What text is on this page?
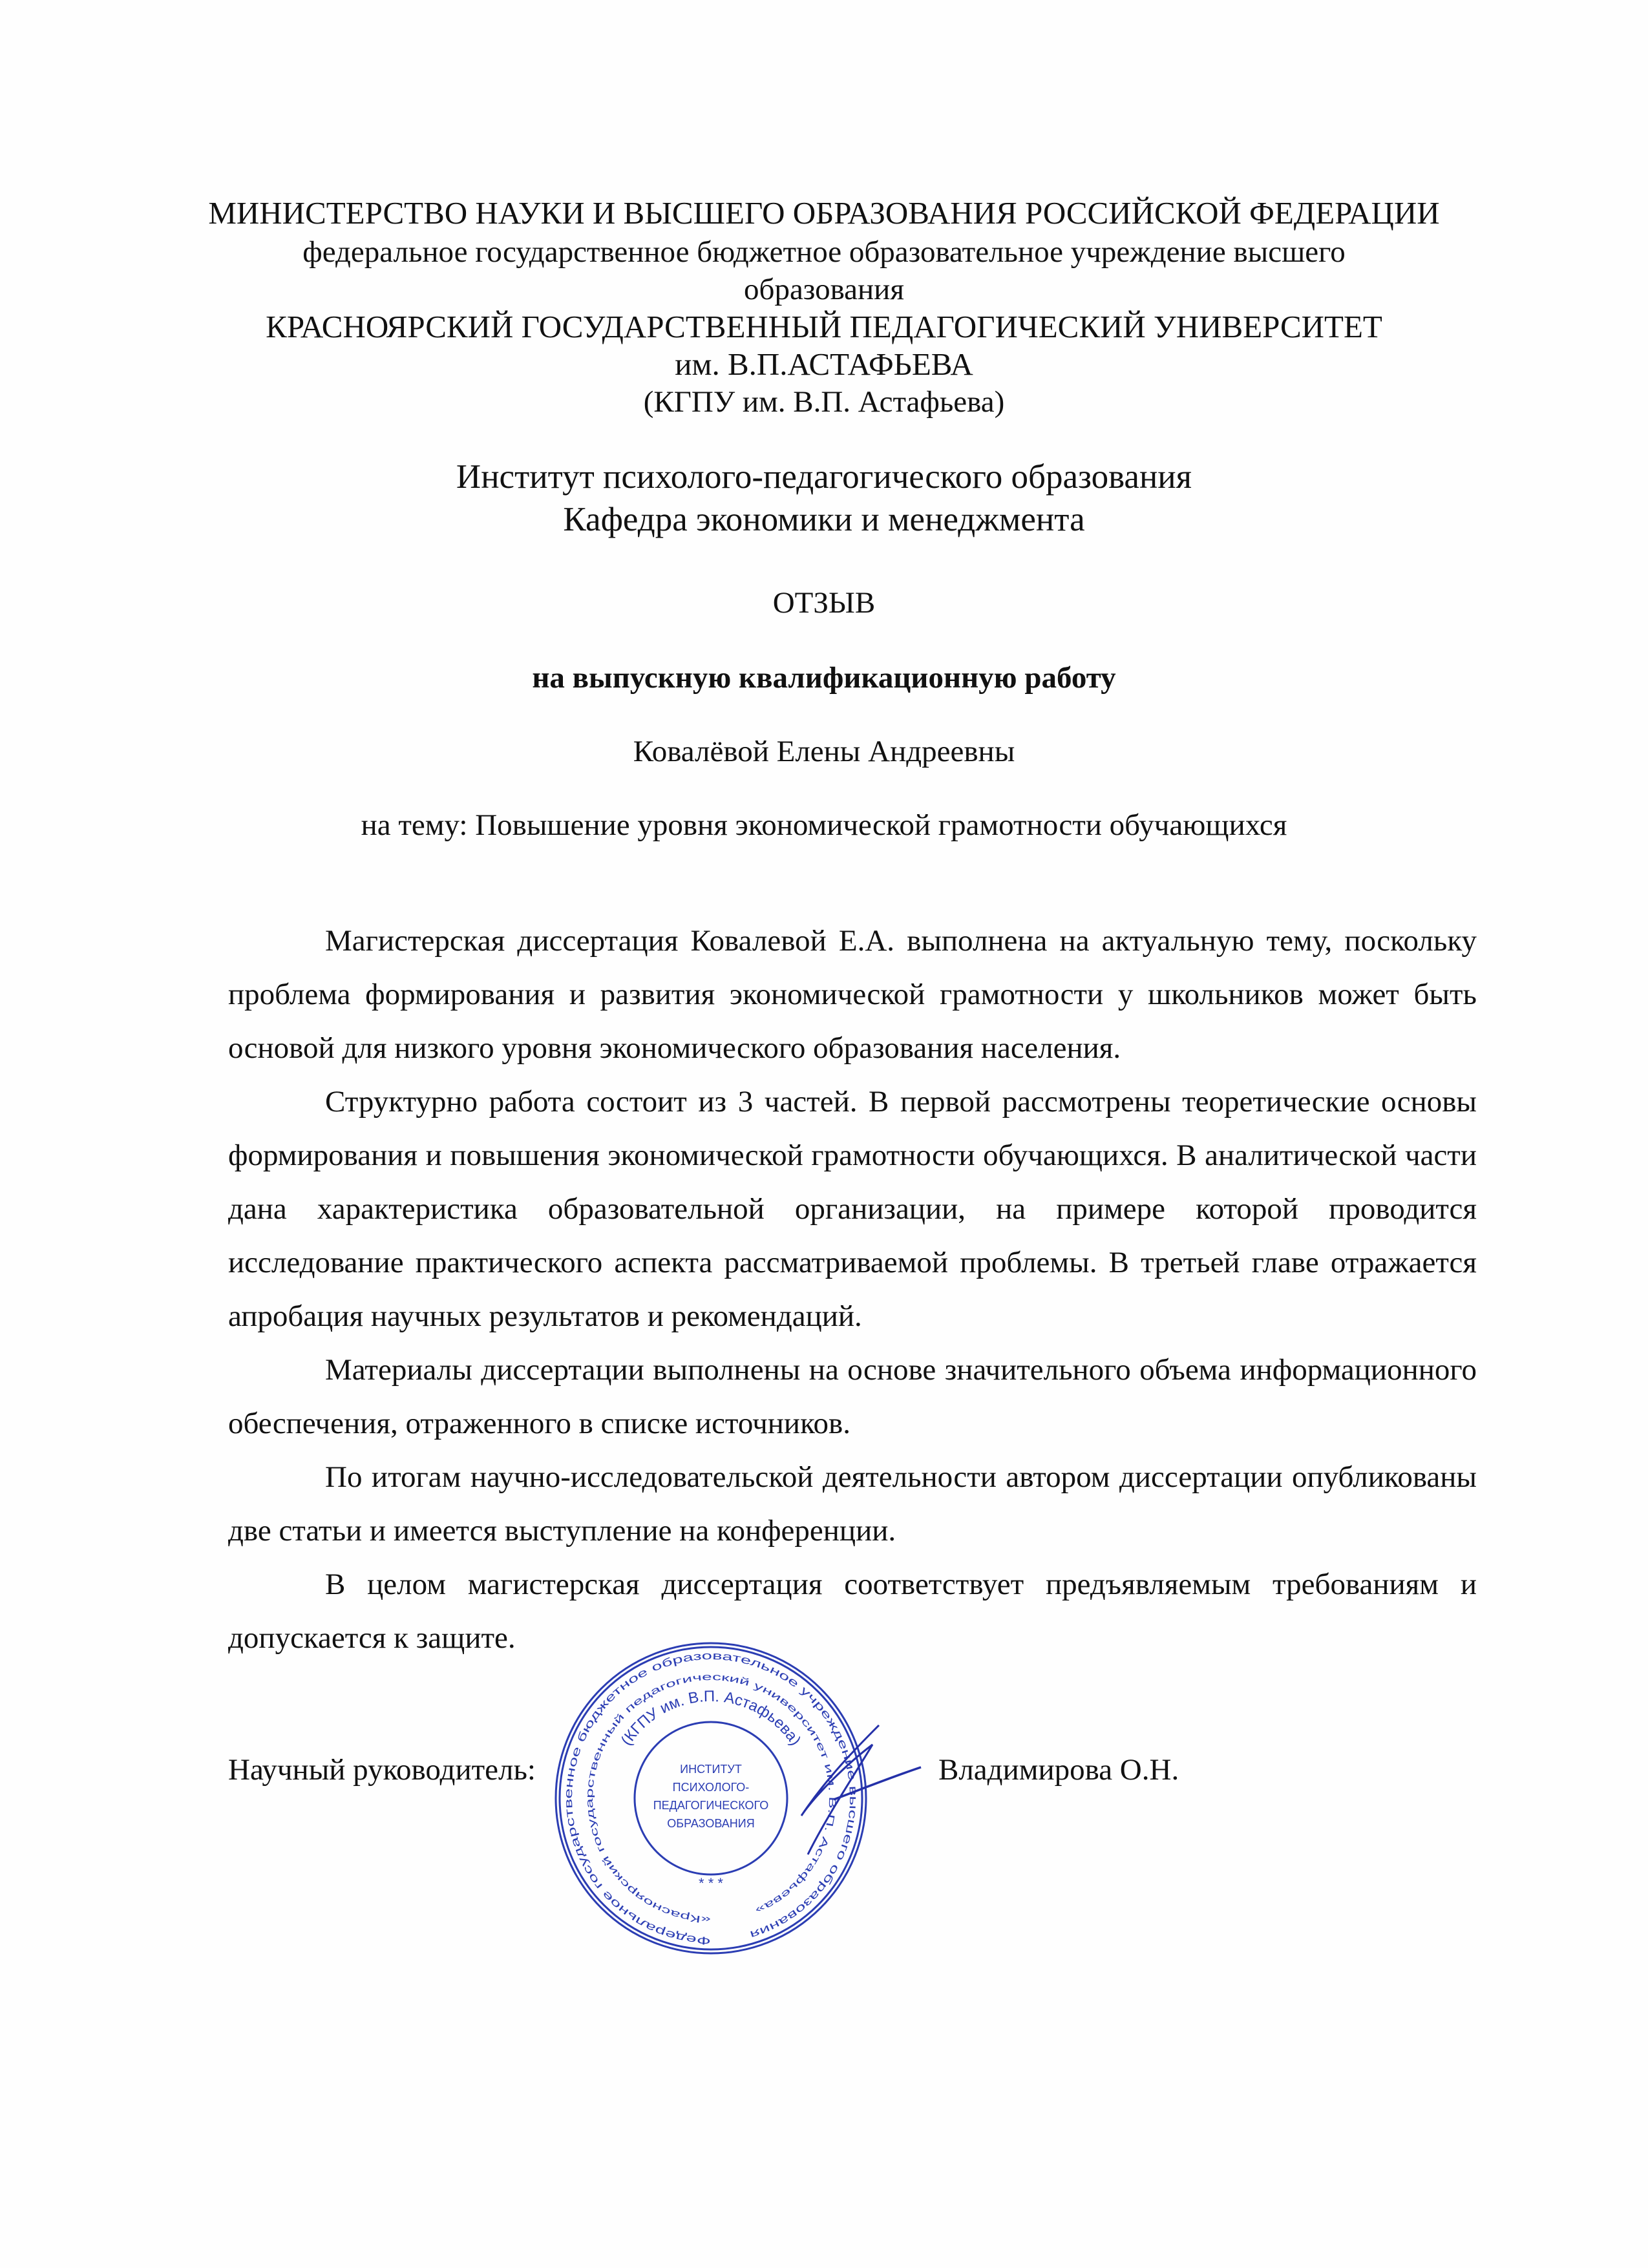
МИНИСТЕРСТВО НАУКИ И ВЫСШЕГО ОБРАЗОВАНИЯ РОССИЙСКОЙ ФЕДЕРАЦИИ
федеральное государственное бюджетное образовательное учреждение высшего
образования
КРАСНОЯРСКИЙ ГОСУДАРСТВЕННЫЙ ПЕДАГОГИЧЕСКИЙ УНИВЕРСИТЕТ
им. В.П.АСТАФЬЕВА
(КГПУ им. В.П. Астафьева)
Институт психолого-педагогического образования
Кафедра экономики и менеджмента
ОТЗЫВ
на выпускную квалификационную работу
Ковалёвой Елены Андреевны
на тему: Повышение уровня экономической грамотности обучающихся

Магистерская диссертация Ковалевой Е.А. выполнена на актуальную тему, поскольку проблема формирования и развития экономической грамотности у школьников может быть основой для низкого уровня экономического образования населения.

Структурно работа состоит из 3 частей. В первой рассмотрены теоретические основы формирования и повышения экономической грамотности обучающихся. В аналитической части дана характеристика образовательной организации, на примере которой проводится исследование практического аспекта рассматриваемой проблемы. В третьей главе отражается апробация научных результатов и рекомендаций.

Материалы диссертации выполнены на основе значительного объема информационного обеспечения, отраженного в списке источников.

По итогам научно-исследовательской деятельности автором диссертации опубликованы две статьи и имеется выступление на конференции.

В целом магистерская диссертация соответствует предъявляемым требованиям и допускается к защите.

Научный руководитель:	Владимирова О.Н.
Федеральное государственное бюджетное образовательное учреждение высшего образования
«Красноярский государственный педагогический университет им. В.П. Астафьева»
(КГПУ им. В.П. Астафьева)
ИНСТИТУТ
ПСИХОЛОГО-
ПЕДАГОГИЧЕСКОГО
ОБРАЗОВАНИЯ
* * *
